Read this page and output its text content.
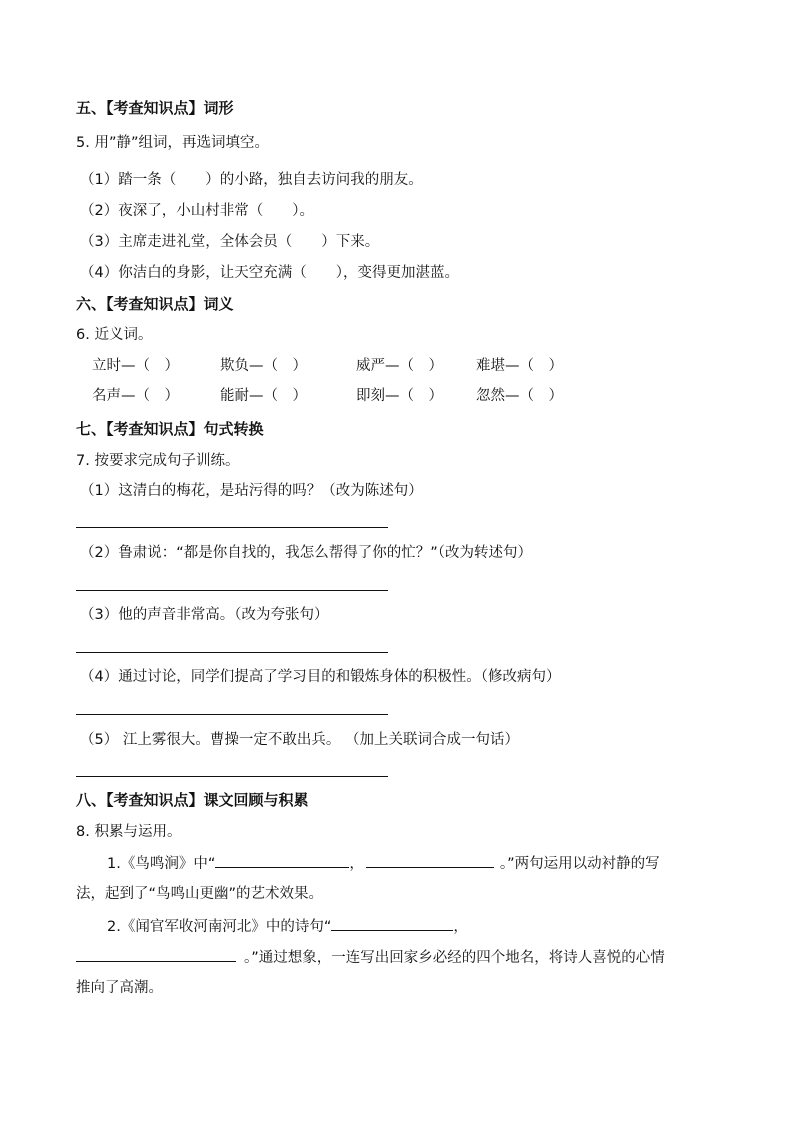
五、【考查知识点】词形
5. 用”静”组词，再选词填空。
（1）踏一条（　　）的小路，独自去访问我的朋友。
（2）夜深了，小山村非常（　　）。
（3）主席走进礼堂，全体会员（　　）下来。
（4）你洁白的身影，让天空充满（　　），变得更加湛蓝。
六、【考查知识点】词义
6. 近义词。
立时—（　）	欺负—（　）	威严—（　） 难堪—（　）
名声—（　）	能耐—（　）	即刻—（　） 忽然—（　）
七、【考查知识点】句式转换
7. 按要求完成句子训练。
（1）这清白的梅花，是玷污得的吗？（改为陈述句）
（2）鲁肃说：“都是你自找的，我怎么帮得了你的忙？”（改为转述句）
（3）他的声音非常高。（改为夸张句）
（4）通过讨论，同学们提高了学习目的和锻炼身体的积极性。（修改病句）
（5） 江上雾很大。曹操一定不敢出兵。 （加上关联词合成一句话）
八、【考查知识点】课文回顾与积累
8. 积累与运用。
1.《鸟鸣涧》中“	，	。”两句运用以动衬静的写
法，起到了“鸟鸣山更幽”的艺术效果。
2.《闻官军收河南河北》中的诗句“	，
。”通过想象，一连写出回家乡必经的四个地名，将诗人喜悦的心情
推向了高潮。
